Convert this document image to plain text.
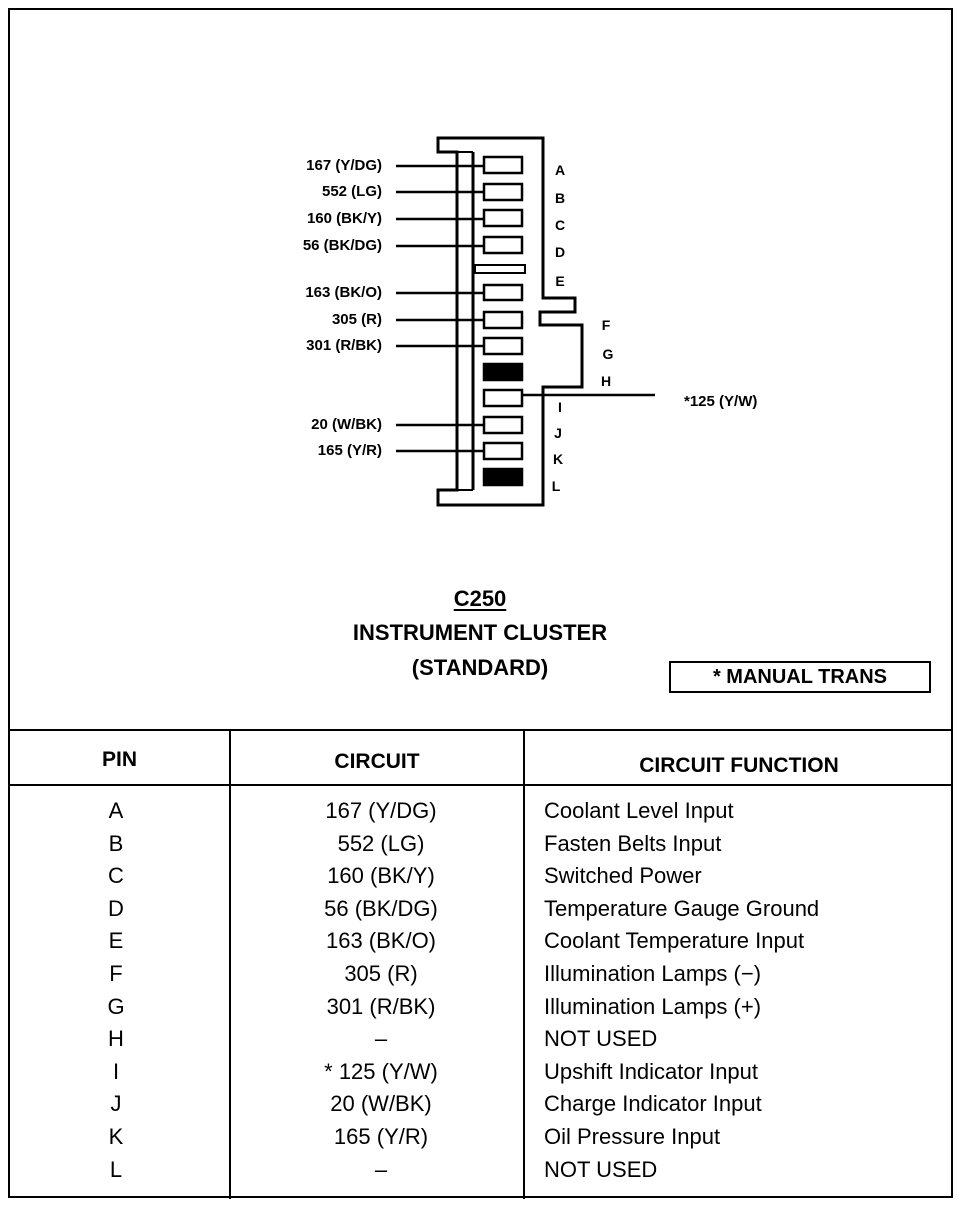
167 (Y/DG)
552 (LG)
160 (BK/Y)
56 (BK/DG)
163 (BK/O)
305 (R)
301 (R/BK)
20 (W/BK)
165 (Y/R)
A
B
C
D
E
F
G
H
I
J
K
L
*125 (Y/W)
C250
INSTRUMENT CLUSTER
(STANDARD)	* MANUAL TRANS
PIN	CIRCUIT	CIRCUIT FUNCTION
A	167 (Y/DG)	Coolant Level Input
B	552 (LG)	Fasten Belts Input
C	160 (BK/Y)	Switched Power
D	56 (BK/DG)	Temperature Gauge Ground
E	163 (BK/O)	Coolant Temperature Input
F	305 (R)	Illumination Lamps (−)
G	301 (R/BK)	Illumination Lamps (+)
H	–	NOT USED
I	* 125 (Y/W)	Upshift Indicator Input
J	20 (W/BK)	Charge Indicator Input
K	165 (Y/R)	Oil Pressure Input
L	–	NOT USED
